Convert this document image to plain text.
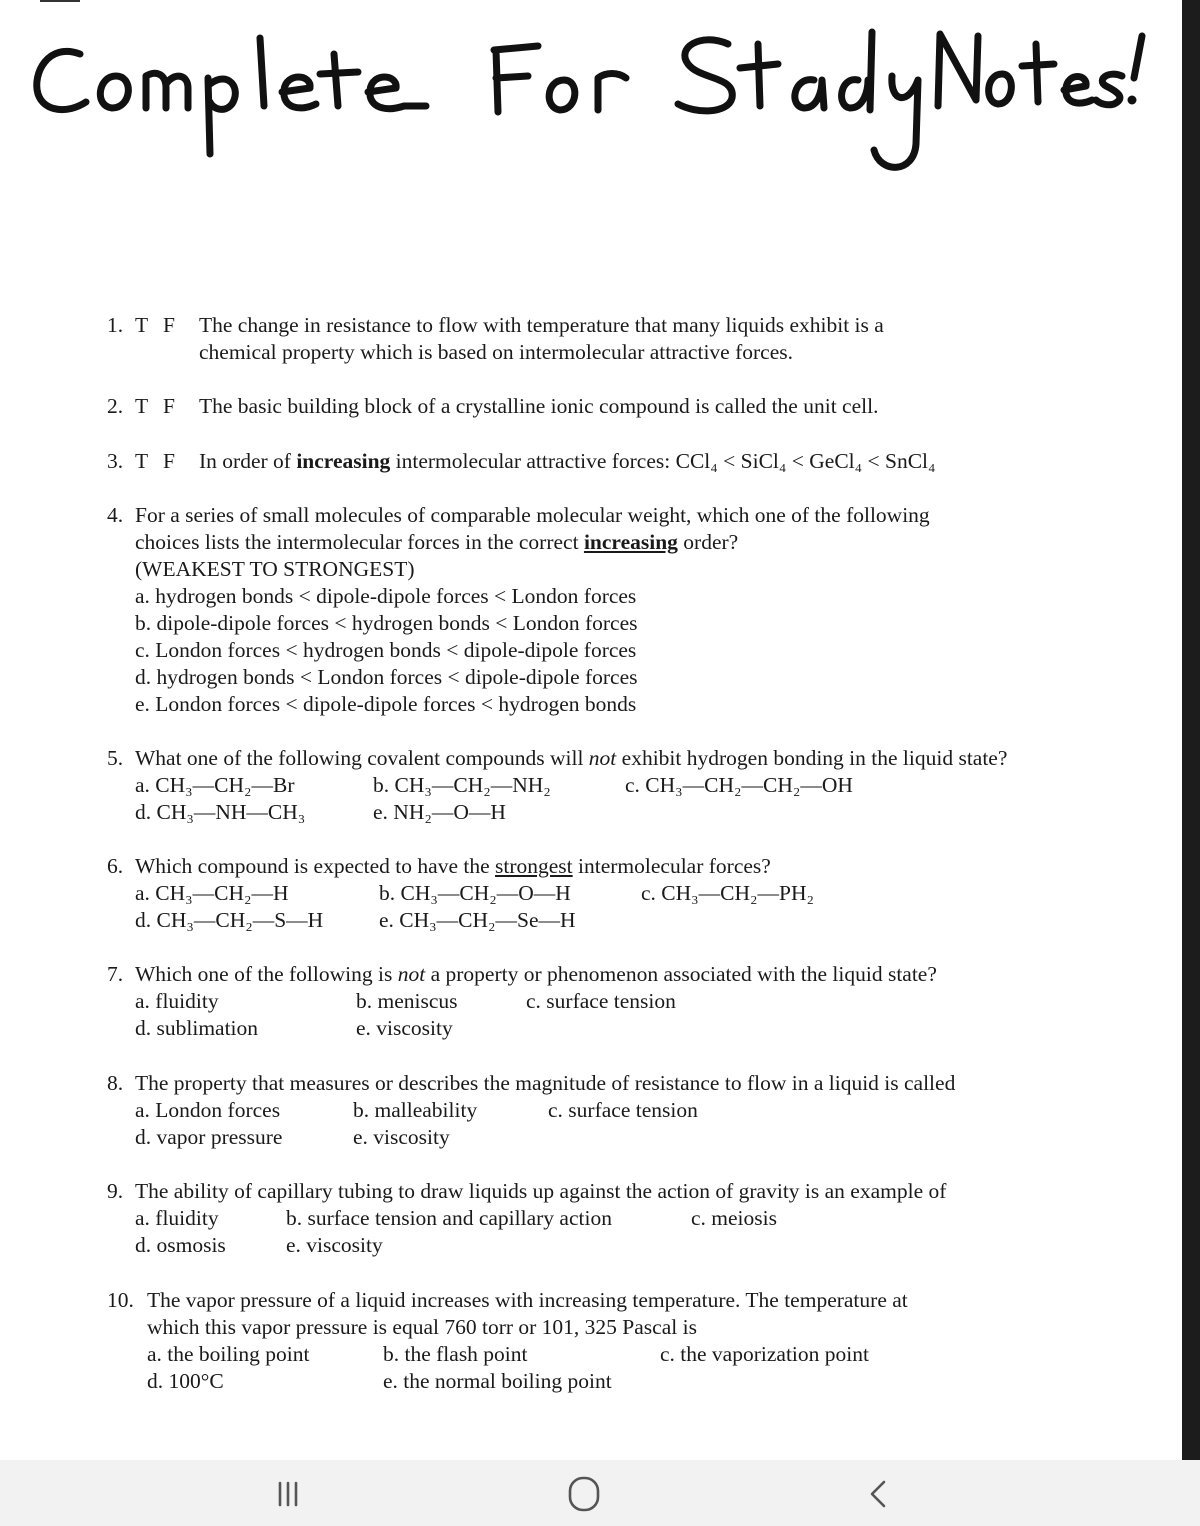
1. T F	The change in resistance to flow with temperature that many liquids exhibit is a
chemical property which is based on intermolecular attractive forces.
2. T F	The basic building block of a crystalline ionic compound is called the unit cell.
3. T F	In order of
increasing
intermolecular attractive forces: CCl₄ < SiCl₄ < GeCl₄ < SnCl₄
4. For a series of small molecules of comparable molecular weight, which one of the following
choices lists the intermolecular forces in the correct
increasing
order?
(WEAKEST TO STRONGEST)
a. hydrogen bonds < dipole-dipole forces < London forces
b. dipole-dipole forces < hydrogen bonds < London forces
c. London forces < hydrogen bonds < dipole-dipole forces
d. hydrogen bonds < London forces < dipole-dipole forces
e. London forces < dipole-dipole forces < hydrogen bonds
5. What one of the following covalent compounds will
not
exhibit hydrogen bonding in the liquid state?
a. CH₃—CH₂—Br	b. CH₃—CH₂—NH₂	c. CH₃—CH₂—CH₂—OH
d. CH₃—NH—CH₃	e. NH₂—O—H
6. Which compound is expected to have the
strongest
intermolecular forces?
a. CH₃—CH₂—H	b. CH₃—CH₂—O—H	c. CH₃—CH₂—PH₂
d. CH₃—CH₂—S—H	e. CH₃—CH₂—Se—H
7. Which one of the following is
not
a property or phenomenon associated with the liquid state?
a. fluidity	b. meniscus	c. surface tension
d. sublimation	e. viscosity
8. The property that measures or describes the magnitude of resistance to flow in a liquid is called
a. London forces	b. malleability	c. surface tension
d. vapor pressure	e. viscosity
9. The ability of capillary tubing to draw liquids up against the action of gravity is an example of
a. fluidity	b. surface tension and capillary action	c. meiosis
d. osmosis	e. viscosity
10. The vapor pressure of a liquid increases with increasing temperature. The temperature at
which this vapor pressure is equal 760 torr or 101, 325 Pascal is
a. the boiling point	b. the flash point	c. the vaporization point
d. 100°C	e. the normal boiling point
